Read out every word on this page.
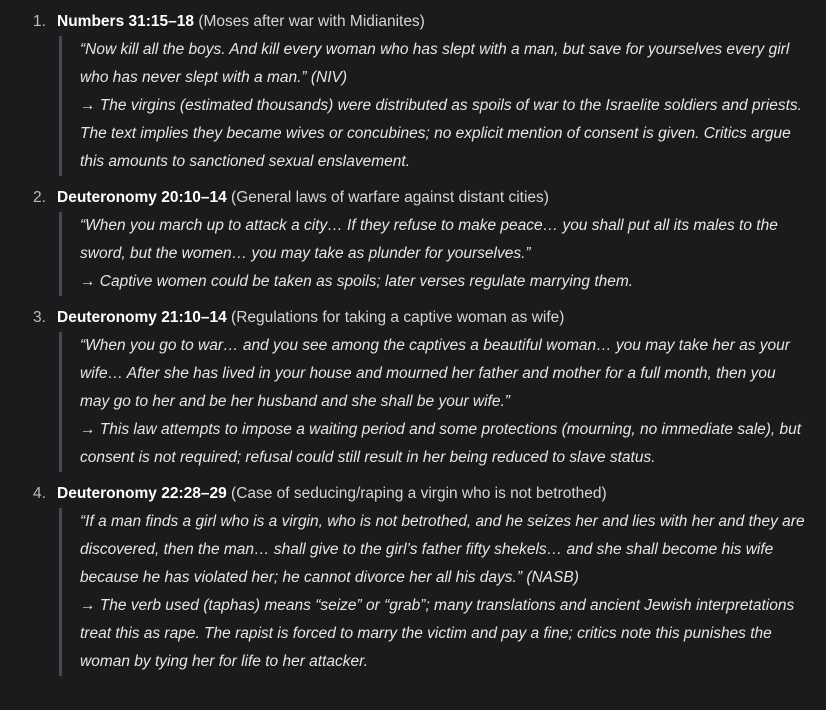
1. Numbers 31:15–18 (Moses after war with Midianites)

“Now kill all the boys. And kill every woman who has slept with a man, but save for yourselves every girl who has never slept with a man.” (NIV)

→ The virgins (estimated thousands) were distributed as spoils of war to the Israelite soldiers and priests. The text implies they became wives or concubines; no explicit mention of consent is given. Critics argue this amounts to sanctioned sexual enslavement.

2. Deuteronomy 20:10–14 (General laws of warfare against distant cities)

“When you march up to attack a city… If they refuse to make peace… you shall put all its males to the sword, but the women… you may take as plunder for yourselves.”

→ Captive women could be taken as spoils; later verses regulate marrying them.

3. Deuteronomy 21:10–14 (Regulations for taking a captive woman as wife)

“When you go to war… and you see among the captives a beautiful woman… you may take her as your wife… After she has lived in your house and mourned her father and mother for a full month, then you may go to her and be her husband and she shall be your wife.”

→ This law attempts to impose a waiting period and some protections (mourning, no immediate sale), but consent is not required; refusal could still result in her being reduced to slave status.

4. Deuteronomy 22:28–29 (Case of seducing/raping a virgin who is not betrothed)

“If a man finds a girl who is a virgin, who is not betrothed, and he seizes her and lies with her and they are discovered, then the man… shall give to the girl’s father fifty shekels… and she shall become his wife because he has violated her; he cannot divorce her all his days.” (NASB)

→ The verb used (taphas) means “seize” or “grab”; many translations and ancient Jewish interpretations treat this as rape. The rapist is forced to marry the victim and pay a fine; critics note this punishes the woman by tying her for life to her attacker.
